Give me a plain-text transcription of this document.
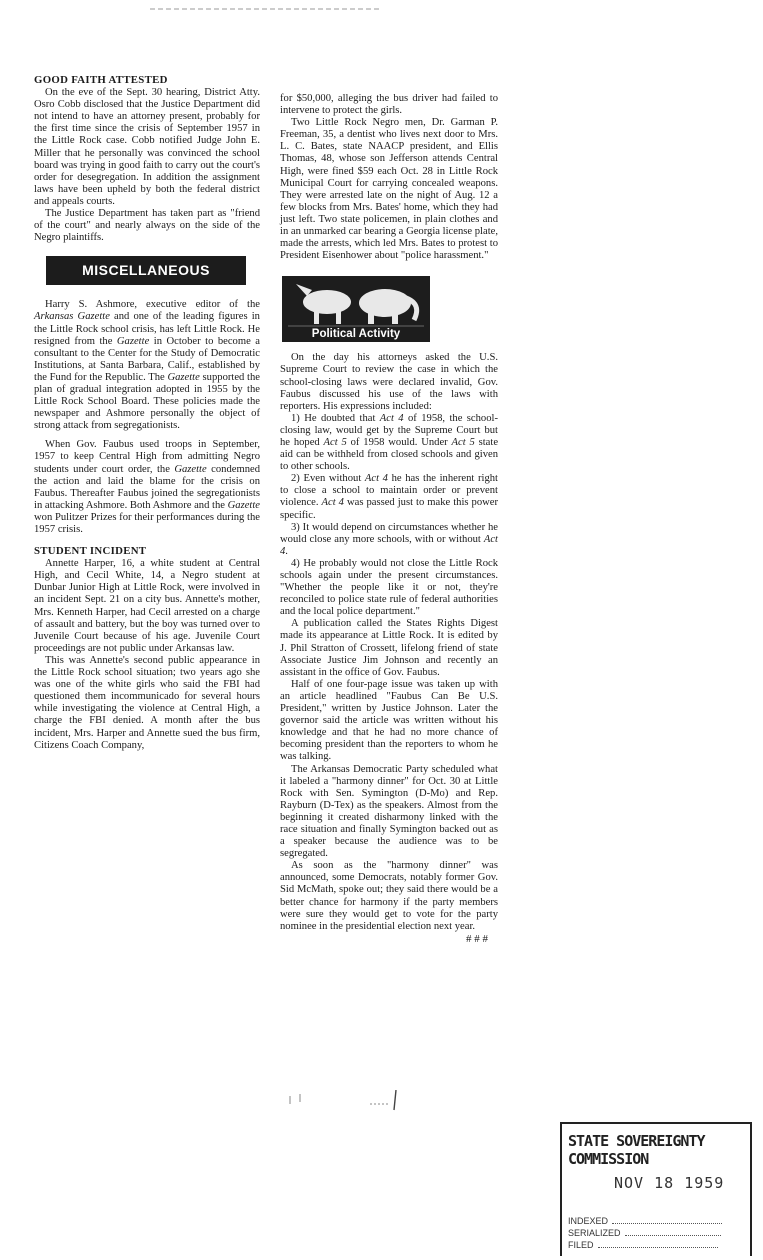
GOOD FAITH ATTESTED

On the eve of the Sept. 30 hearing, District Atty. Osro Cobb disclosed that the Justice Department did not intend to have an attorney present, probably for the first time since the crisis of September 1957 in the Little Rock case. Cobb notified Judge John E. Miller that he personally was convinced the school board was trying in good faith to carry out the court's order for desegregation. In addition the assignment laws have been upheld by both the federal district and appeals courts.

The Justice Department has taken part as "friend of the court" and nearly always on the side of the Negro plaintiffs.

MISCELLANEOUS

Harry S. Ashmore, executive editor of the Arkansas Gazette and one of the leading figures in the Little Rock school crisis, has left Little Rock. He resigned from the Gazette in October to become a consultant to the Center for the Study of Democratic Institutions, at Santa Barbara, Calif., established by the Fund for the Republic. The Gazette supported the plan of gradual integration adopted in 1955 by the Little Rock School Board. These policies made the newspaper and Ashmore personally the object of strong attack from segregationists.

When Gov. Faubus used troops in September, 1957 to keep Central High from admitting Negro students under court order, the Gazette condemned the action and laid the blame for the crisis on Faubus. Thereafter Faubus joined the segregationists in attacking Ashmore. Both Ashmore and the Gazette won Pulitzer Prizes for their performances during the 1957 crisis.

STUDENT INCIDENT

Annette Harper, 16, a white student at Central High, and Cecil White, 14, a Negro student at Dunbar Junior High at Little Rock, were involved in an incident Sept. 21 on a city bus. Annette's mother, Mrs. Kenneth Harper, had Cecil arrested on a charge of assault and battery, but the boy was turned over to Juvenile Court because of his age. Juvenile Court proceedings are not public under Arkansas law.

This was Annette's second public appearance in the Little Rock school situation; two years ago she was one of the white girls who said the FBI had questioned them incommunicado for several hours while investigating the violence at Central High, a charge the FBI denied. A month after the bus incident, Mrs. Harper and Annette sued the bus firm, Citizens Coach Company,

for $50,000, alleging the bus driver had failed to intervene to protect the girls.

Two Little Rock Negro men, Dr. Garman P. Freeman, 35, a dentist who lives next door to Mrs. L. C. Bates, state NAACP president, and Ellis Thomas, 48, whose son Jefferson attends Central High, were fined $59 each Oct. 28 in Little Rock Municipal Court for carrying concealed weapons. They were arrested late on the night of Aug. 12 a few blocks from Mrs. Bates' home, which they had just left. Two state policemen, in plain clothes and in an unmarked car bearing a Georgia license plate, made the arrests, which led Mrs. Bates to protest to President Eisenhower about "police harassment."

Political Activity

On the day his attorneys asked the U.S. Supreme Court to review the case in which the school-closing laws were declared invalid, Gov. Faubus discussed his use of the laws with reporters. His expressions included:

1) He doubted that Act 4 of 1958, the school-closing law, would get by the Supreme Court but he hoped Act 5 of 1958 would. Under Act 5 state aid can be withheld from closed schools and given to other schools.

2) Even without Act 4 he has the inherent right to close a school to maintain order or prevent violence. Act 4 was passed just to make this power specific.

3) It would depend on circumstances whether he would close any more schools, with or without Act 4.

4) He probably would not close the Little Rock schools again under the present circumstances. "Whether the people like it or not, they're reconciled to police state rule of federal authorities and the local police department."

A publication called the States Rights Digest made its appearance at Little Rock. It is edited by J. Phil Stratton of Crossett, lifelong friend of state Associate Justice Jim Johnson and recently an assistant in the office of Gov. Faubus.

Half of one four-page issue was taken up with an article headlined "Faubus Can Be U.S. President," written by Justice Johnson. Later the governor said the article was written without his knowledge and that he had no more chance of becoming president than the reporters to whom he was talking.

The Arkansas Democratic Party scheduled what it labeled a "harmony dinner" for Oct. 30 at Little Rock with Sen. Symington (D-Mo) and Rep. Rayburn (D-Tex) as the speakers. Almost from the beginning it created disharmony linked with the race situation and finally Symington backed out as a speaker because the audience was to be segregated.

As soon as the "harmony dinner" was announced, some Democrats, notably former Gov. Sid McMath, spoke out; they said there would be a better chance for harmony if the party members were sure they would get to vote for the party nominee in the presidential election next year.

# # #
STATE SOVEREIGNTY COMMISSION
NOV 18 1959
INDEXED
SERIALIZED
FILED
